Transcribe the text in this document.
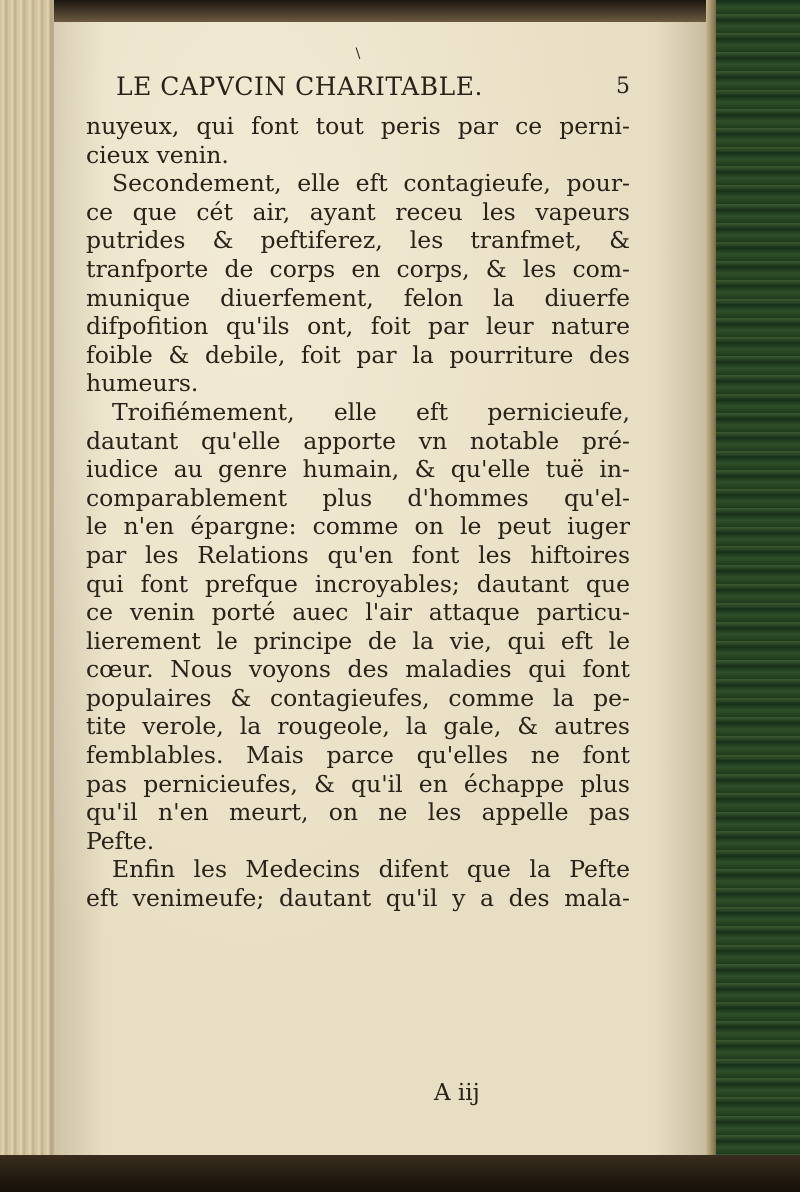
\
LE CAPVCIN CHARITABLE.	5
nuyeux, qui font tout peris par ce perni-
cieux venin.
Secondement, elle eft contagieufe, pour-
ce que cét air, ayant receu les vapeurs
putrides & peftiferez, les tranfmet, &
tranfporte de corps en corps, & les com-
munique diuerfement, felon la diuerfe
difpofition qu'ils ont, foit par leur nature
foible & debile, foit par la pourriture des
humeurs.
Troifiémement, elle eft pernicieufe,
dautant qu'elle apporte vn notable pré-
iudice au genre humain, & qu'elle tuë in-
comparablement plus d'hommes qu'el-
le n'en épargne: comme on le peut iuger
par les Relations qu'en font les hiftoires
qui font prefque incroyables; dautant que
ce venin porté auec l'air attaque particu-
lierement le principe de la vie, qui eft le
cœur. Nous voyons des maladies qui font
populaires & contagieufes, comme la pe-
tite verole, la rougeole, la gale, & autres
femblables. Mais parce qu'elles ne font
pas pernicieufes, & qu'il en échappe plus
qu'il n'en meurt, on ne les appelle pas
Pefte.
Enfin les Medecins difent que la Pefte
eft venimeufe; dautant qu'il y a des mala-
A iij
